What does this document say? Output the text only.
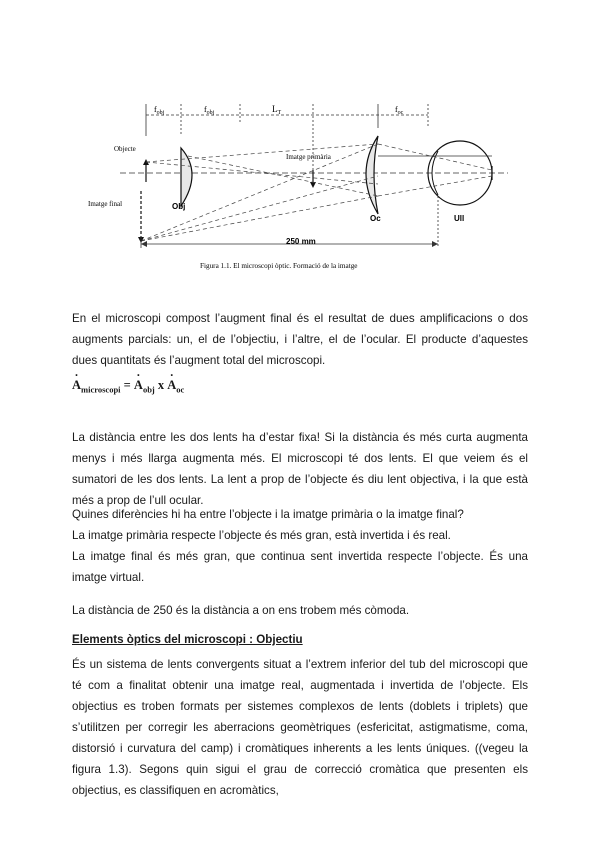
$f_{obj}$	$f_{obj}$	$L_T$	$f_{oc}$
Objecte
Imatge primària
Imatge final	Obj
Oc	Ull
250 mm
Figura 1.1. El microscopi òptic. Formació de la imatge

En el microscopi compost l’augment final és el resultat de dues amplificacions o dos augments parcials: un, el de l’objectiu, i l’altre, el de l’ocular. El producte d’aquestes dues quantitats és l’augment total del microscopi.

· $A_{microscopi}$ = · $A_{obj}$ $x \cdot A_{oc}$

La distància entre les dos lents ha d’estar fixa! Si la distància és més curta augmenta menys i més llarga augmenta més. El microscopi té dos lents. El que veiem és el sumatori de les dos lents. La lent a prop de l’objecte és diu lent objectiva, i la que està més a prop de l’ull ocular.

Quines diferències hi ha entre l’objecte i la imatge primària o la imatge final?

La imatge primària respecte l’objecte és més gran, està invertida i és real.

La imatge final és més gran, que continua sent invertida respecte l’objecte. És una imatge virtual.

La distància de 250 és la distància a on ens trobem més còmoda.

Elements òptics del microscopi : Objectiu

És un sistema de lents convergents situat a l’extrem inferior del tub del microscopi que té com a finalitat obtenir una imatge real, augmentada i invertida de l’objecte. Els objectius es troben formats per sistemes complexos de lents (doblets i triplets) que s’utilitzen per corregir les aberracions geomètriques (esfericitat, astigmatisme, coma, distorsió i curvatura del camp) i cromàtiques inherents a les lents úniques. ((vegeu la figura 1.3). Segons quin sigui el grau de correcció cromàtica que presenten els objectius, es classifiquen en acromàtics,
